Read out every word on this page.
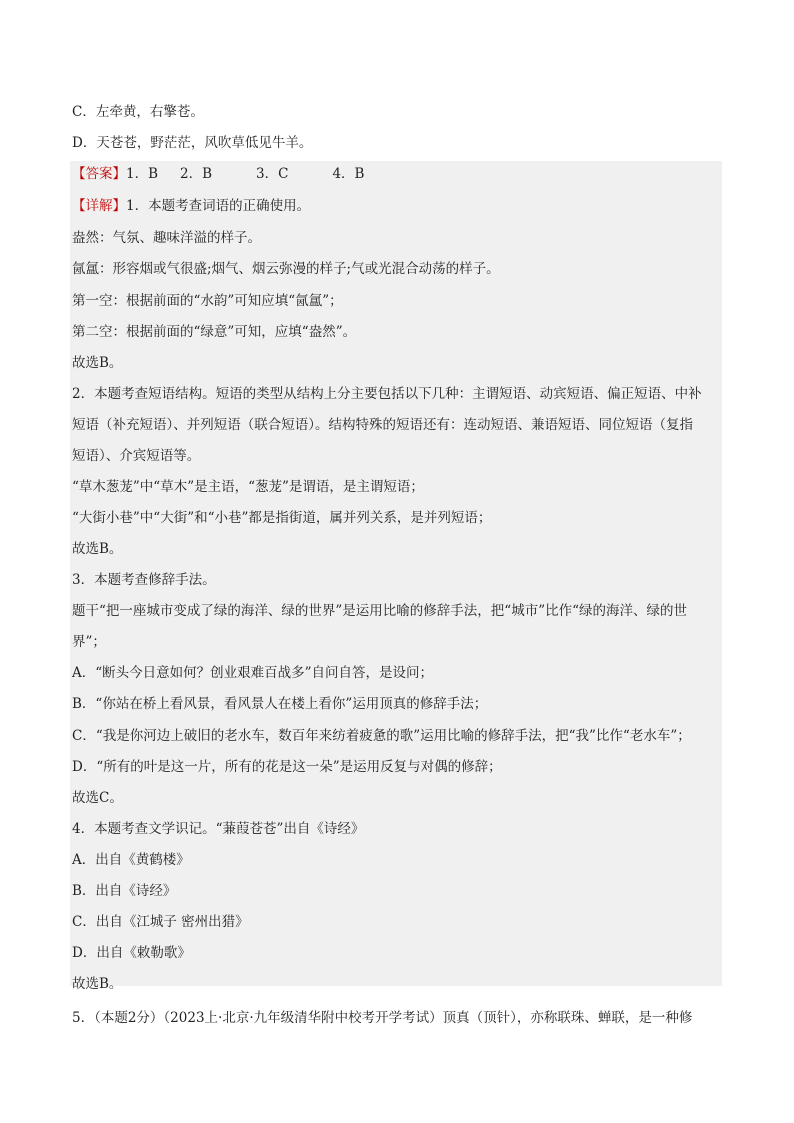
C．左牵黄，右擎苍。
D．天苍苍，野茫茫，风吹草低见牛羊。
【答案】1．B 2．B	3．C	4．B
【详解】1．本题考查词语的正确使用。
盎然：气氛、趣味洋溢的样子。
氤氲：形容烟或气很盛;烟气、烟云弥漫的样子;气或光混合动荡的样子。
第一空：根据前面的“水韵”可知应填“氤氲”；
第二空：根据前面的“绿意”可知，应填“盎然”。
故选B。
2．本题考查短语结构。短语的类型从结构上分主要包括以下几种：主谓短语、动宾短语、偏正短语、中补
短语（补充短语）、并列短语（联合短语）。结构特殊的短语还有：连动短语、兼语短语、同位短语（复指
短语）、介宾短语等。
“草木葱茏”中“草木”是主语，“葱茏”是谓语，是主谓短语；
“大街小巷”中“大街”和“小巷”都是指街道，属并列关系，是并列短语；
故选B。
3．本题考查修辞手法。
题干“把一座城市变成了绿的海洋、绿的世界”是运用比喻的修辞手法，把“城市”比作“绿的海洋、绿的世
界”；
A．“断头今日意如何？创业艰难百战多”自问自答，是设问；
B．“你站在桥上看风景，看风景人在楼上看你”运用顶真的修辞手法；
C．“我是你河边上破旧的老水车，数百年来纺着疲惫的歌”运用比喻的修辞手法，把“我”比作“老水车”；
D．“所有的叶是这一片，所有的花是这一朵”是运用反复与对偶的修辞；
故选C。
4．本题考查文学识记。“蒹葭苍苍”出自《诗经》
A．出自《黄鹤楼》
B．出自《诗经》
C．出自《江城子 密州出猎》
D．出自《敕勒歌》
故选B。
5．（本题2分）（2023上·北京·九年级清华附中校考开学考试）顶真（顶针），亦称联珠、蝉联，是一种修
